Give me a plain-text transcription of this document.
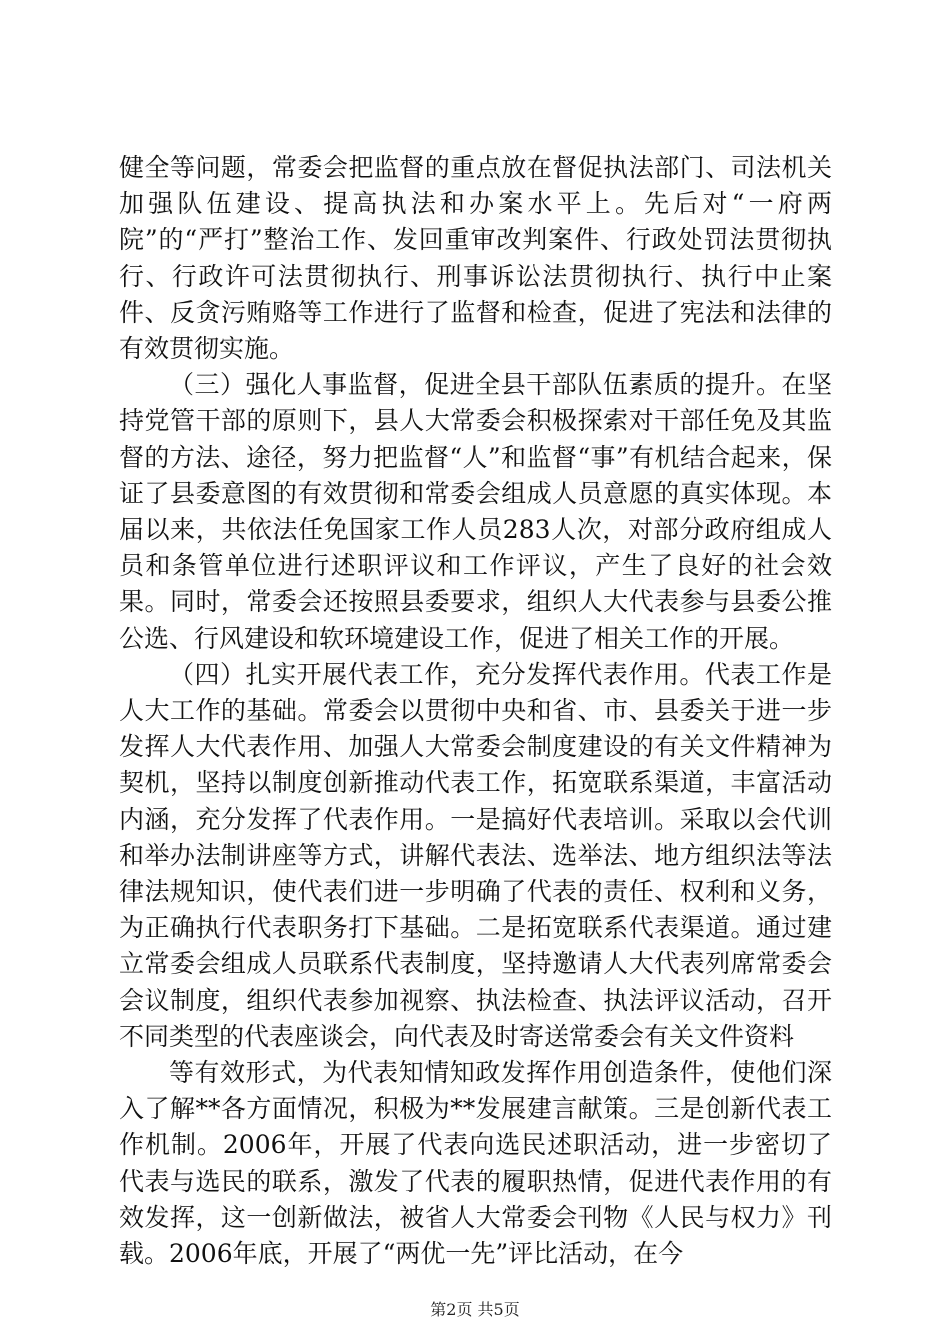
健全等问题，常委会把监督的重点放在督促执法部门、司法机关加强队伍建设、提高执法和办案水平上。先后对“一府两院”的“严打”整治工作、发回重审改判案件、行政处罚法贯彻执行、行政许可法贯彻执行、刑事诉讼法贯彻执行、执行中止案件、反贪污贿赂等工作进行了监督和检查，促进了宪法和法律的有效贯彻实施。

（三）强化人事监督，促进全县干部队伍素质的提升。在坚持党管干部的原则下，县人大常委会积极探索对干部任免及其监督的方法、途径，努力把监督“人”和监督“事”有机结合起来，保证了县委意图的有效贯彻和常委会组成人员意愿的真实体现。本届以来，共依法任免国家工作人员283人次，对部分政府组成人员和条管单位进行述职评议和工作评议，产生了良好的社会效果。同时，常委会还按照县委要求，组织人大代表参与县委公推公选、行风建设和软环境建设工作，促进了相关工作的开展。

（四）扎实开展代表工作，充分发挥代表作用。代表工作是人大工作的基础。常委会以贯彻中央和省、市、县委关于进一步发挥人大代表作用、加强人大常委会制度建设的有关文件精神为契机，坚持以制度创新推动代表工作，拓宽联系渠道，丰富活动内涵，充分发挥了代表作用。一是搞好代表培训。采取以会代训和举办法制讲座等方式，讲解代表法、选举法、地方组织法等法律法规知识，使代表们进一步明确了代表的责任、权利和义务，为正确执行代表职务打下基础。二是拓宽联系代表渠道。通过建立常委会组成人员联系代表制度，坚持邀请人大代表列席常委会会议制度，组织代表参加视察、执法检查、执法评议活动，召开不同类型的代表座谈会，向代表及时寄送常委会有关文件资料

等有效形式，为代表知情知政发挥作用创造条件，使他们深入了解**各方面情况，积极为**发展建言献策。三是创新代表工作机制。2006年，开展了代表向选民述职活动，进一步密切了代表与选民的联系，激发了代表的履职热情，促进代表作用的有效发挥，这一创新做法，被省人大常委会刊物《人民与权力》刊载。2006年底，开展了“两优一先”评比活动，在今

第2页 共5页
